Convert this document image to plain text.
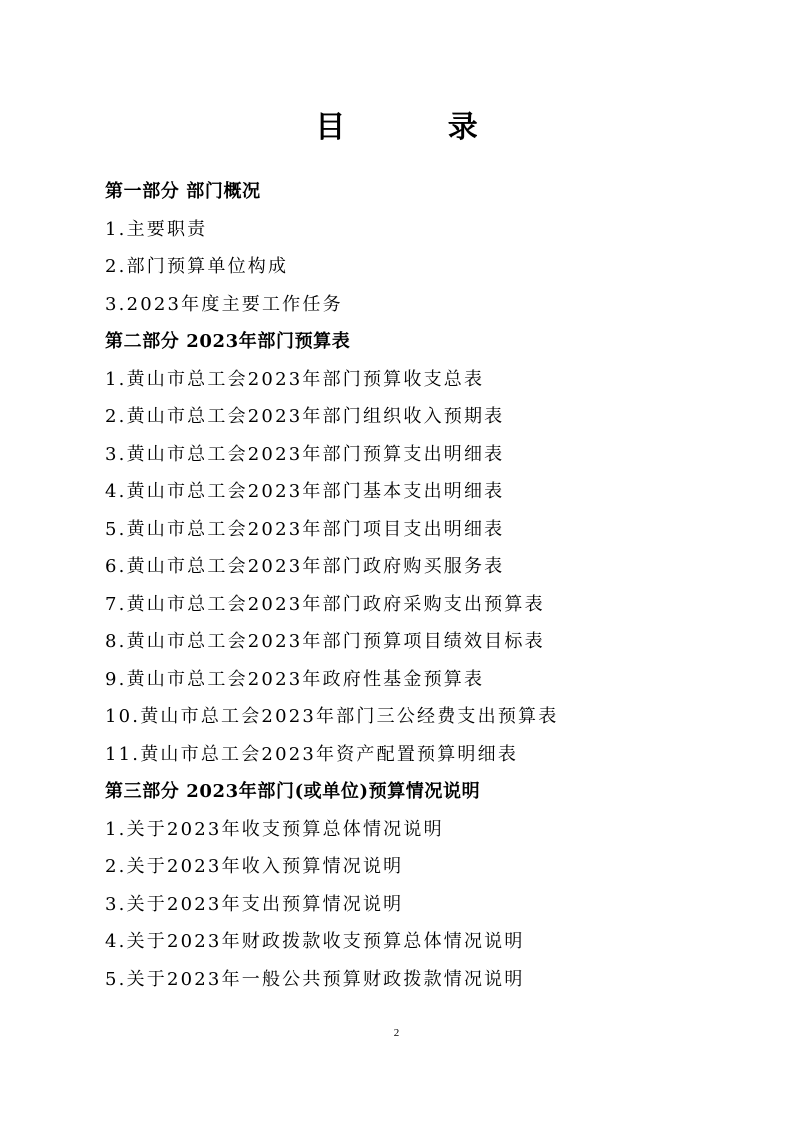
目 录
第一部分 部门概况
1.主要职责
2.部门预算单位构成
3.2023年度主要工作任务
第二部分 2023年部门预算表
1.黄山市总工会2023年部门预算收支总表
2.黄山市总工会2023年部门组织收入预期表
3.黄山市总工会2023年部门预算支出明细表
4.黄山市总工会2023年部门基本支出明细表
5.黄山市总工会2023年部门项目支出明细表
6.黄山市总工会2023年部门政府购买服务表
7.黄山市总工会2023年部门政府采购支出预算表
8.黄山市总工会2023年部门预算项目绩效目标表
9.黄山市总工会2023年政府性基金预算表
10.黄山市总工会2023年部门三公经费支出预算表
11.黄山市总工会2023年资产配置预算明细表
第三部分 2023年部门(或单位)预算情况说明
1.关于2023年收支预算总体情况说明
2.关于2023年收入预算情况说明
3.关于2023年支出预算情况说明
4.关于2023年财政拨款收支预算总体情况说明
5.关于2023年一般公共预算财政拨款情况说明
2
